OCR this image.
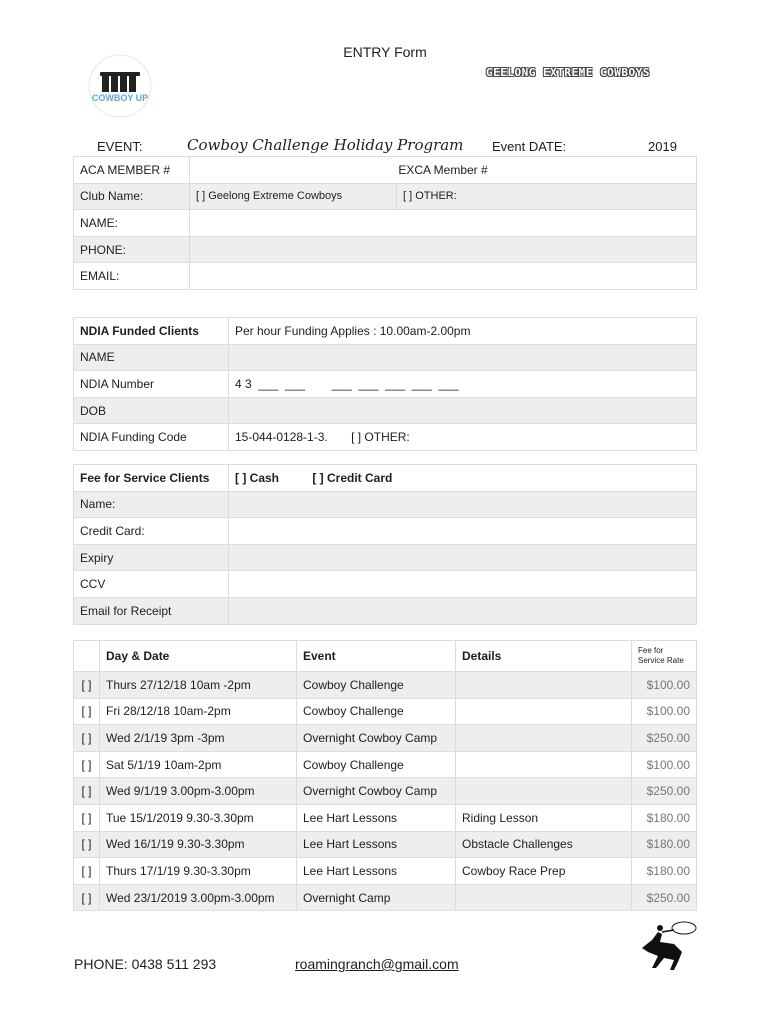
ENTRY Form
COWBOY UP
GEELONG EXTREME COWBOYS
EVENT:	Cowboy Challenge Holiday Program Event DATE:	2019
ACA MEMBER #	EXCA Member #	
Club Name:	[ ] Geelong Extreme Cowboys	[ ] OTHER:
NAME:		
PHONE:		
EMAIL:		
NDIA Funded Clients	Per hour Funding Applies : 10.00am-2.00pm
NAME	
NDIA Number	4 3  ___  ___        ___  ___  ___  ___  ___
DOB	
NDIA Funding Code	15-044-0128-1-3.       [ ] OTHER:
Fee for Service Clients	[ ] Cash          [ ] Credit Card
Name:	
Credit Card:	
Expiry	
CCV	
Email for Receipt	
	Day & Date	Event	Details	Fee for Service Rate
[ ]	Thurs 27/12/18 10am -2pm	Cowboy Challenge		$100.00
[ ]	Fri 28/12/18 10am-2pm	Cowboy Challenge		$100.00
[ ]	Wed 2/1/19 3pm -3pm	Overnight Cowboy Camp		$250.00
[ ]	Sat 5/1/19 10am-2pm	Cowboy Challenge		$100.00
[ ]	Wed 9/1/19 3.00pm-3.00pm	Overnight Cowboy Camp		$250.00
[ ]	Tue 15/1/2019 9.30-3.30pm	Lee Hart Lessons	Riding Lesson	$180.00
[ ]	Wed 16/1/19 9.30-3.30pm	Lee Hart Lessons	Obstacle Challenges	$180.00
[ ]	Thurs 17/1/19 9.30-3.30pm	Lee Hart Lessons	Cowboy Race Prep	$180.00
[ ]	Wed 23/1/2019 3.00pm-3.00pm	Overnight Camp		$250.00
PHONE: 0438 511 293	roamingranch@gmail.com
